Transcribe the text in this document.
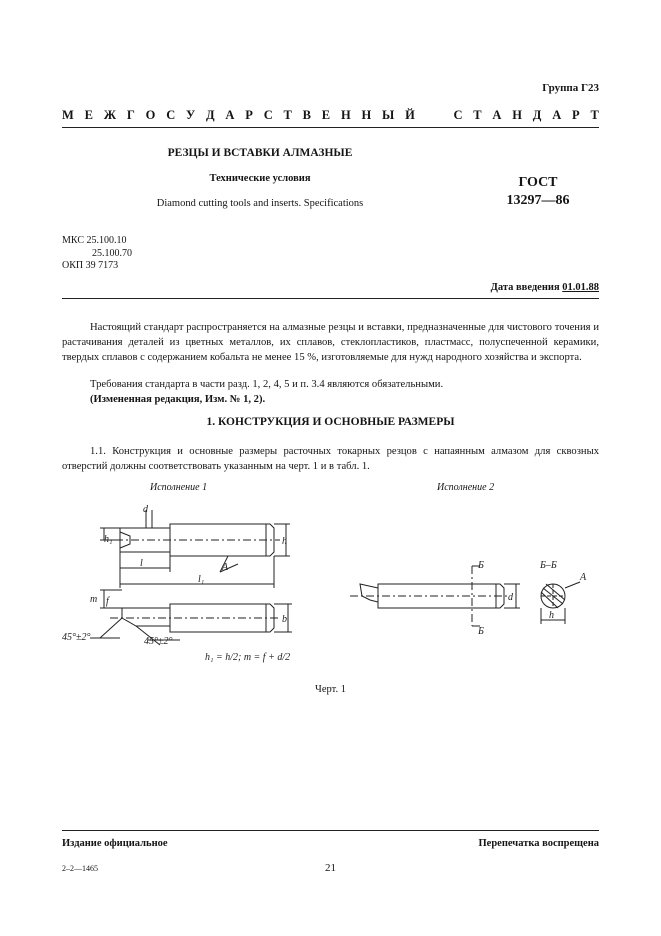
Группа Г23
М Е Ж Г О С У Д А Р С Т В Е Н Н Ы Й

	С Т А Н Д А Р Т
РЕЗЦЫ И ВСТАВКИ АЛМАЗНЫЕ
Технические условия
Diamond cutting tools and inserts. Specifications
ГОСТ
13297—86
МКС 25.100.10
25.100.70
ОКП 39 7173
Дата введения 01.01.88
Настоящий стандарт распространяется на алмазные резцы и вставки, предназначенные для чистового точения и растачивания деталей из цветных металлов, их сплавов, стеклопластиков, пластмасс, полуспеченной керамики, твердых сплавов с содержанием кобальта не менее 15 %, изготовляемые для нужд народного хозяйства и экспорта.
Требования стандарта в части разд. 1, 2, 4, 5 и п. 3.4 являются обязательными.
(Измененная редакция, Изм. № 1, 2).
1. КОНСТРУКЦИЯ И ОСНОВНЫЕ РАЗМЕРЫ
1.1. Конструкция и основные размеры расточных токарных резцов с напаянным алмазом для сквозных отверстий должны соответствовать указанным на черт. 1 и в табл. 1.
Исполнение 1	Исполнение 2
h₁
d
h
l
l₁
A
m f
b
45°±2°	45°±2°
h₁ = h/2; m = f + d/2
Б
Б
d
Б–Б
A
h
Черт. 1
Издание официальное	Перепечатка воспрещена
2–2—1465	21
